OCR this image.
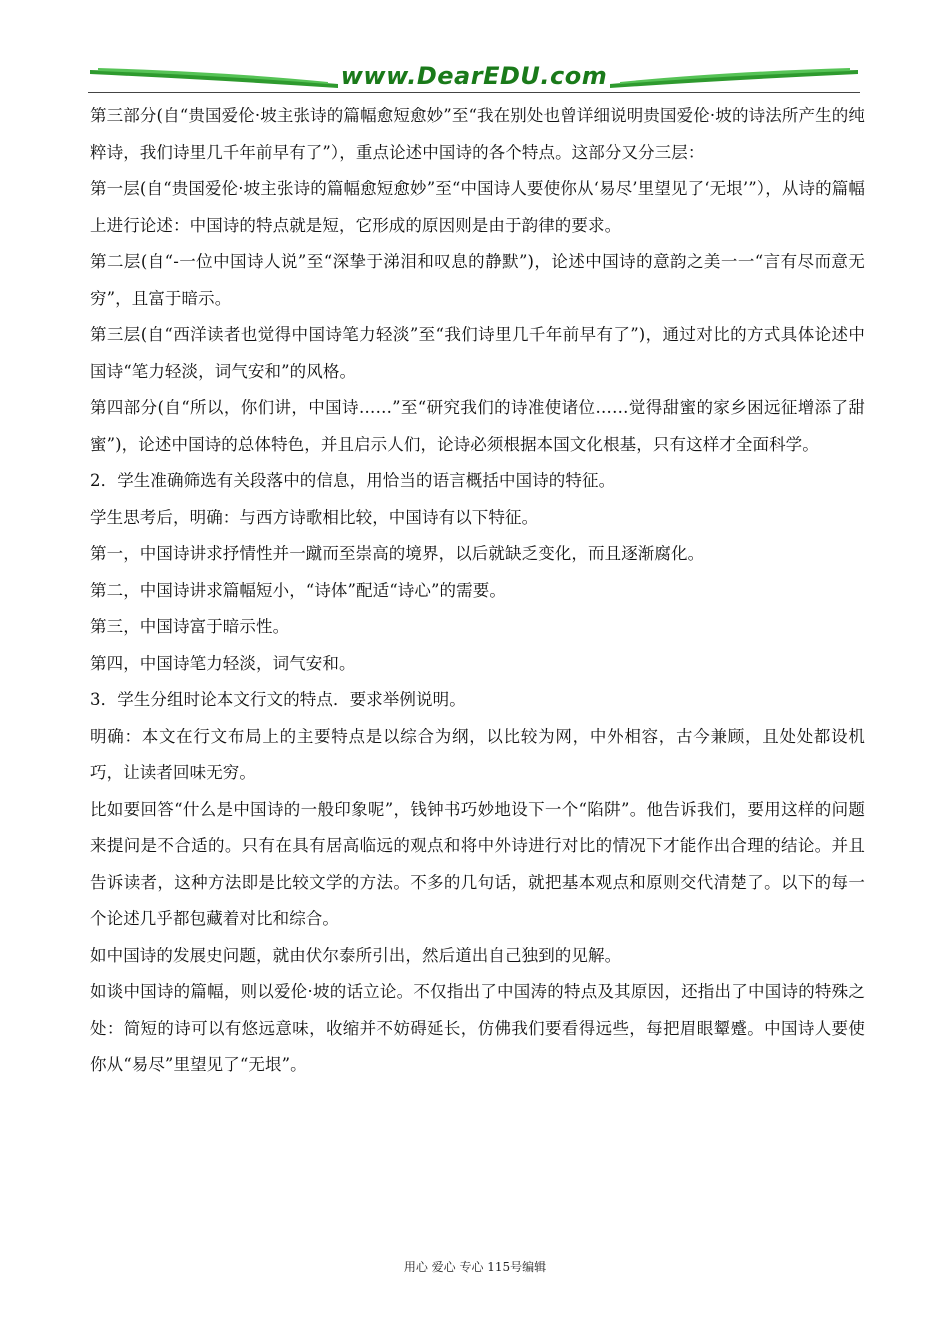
www.DearEDU.com

第三部分(自“贵国爱伦·坡主张诗的篇幅愈短愈妙”至“我在别处也曾详细说明贵国爱伦·坡的诗法所产生的纯粹诗，我们诗里几千年前早有了”），重点论述中国诗的各个特点。这部分又分三层：

第一层(自“贵国爱伦·坡主张诗的篇幅愈短愈妙”至“中国诗人要使你从‘易尽’里望见了‘无垠’”），从诗的篇幅上进行论述：中国诗的特点就是短，它形成的原因则是由于韵律的要求。

第二层(自“-一位中国诗人说”至“深挚于涕泪和叹息的静默”)，论述中国诗的意韵之美一一“言有尽而意无穷”，且富于暗示。

第三层(自“西洋读者也觉得中国诗笔力轻淡”至“我们诗里几千年前早有了”)，通过对比的方式具体论述中国诗“笔力轻淡，词气安和”的风格。

第四部分(自“所以，你们讲，中国诗……”至“研究我们的诗准使诸位……觉得甜蜜的家乡困远征增添了甜蜜”)，论述中国诗的总体特色，并且启示人们，论诗必须根据本国文化根基，只有这样才全面科学。

2．学生准确筛选有关段落中的信息，用恰当的语言概括中国诗的特征。

学生思考后，明确：与西方诗歌相比较，中国诗有以下特征。

第一，中国诗讲求抒情性并一蹴而至崇高的境界，以后就缺乏变化，而且逐渐腐化。

第二，中国诗讲求篇幅短小，“诗体”配适“诗心”的需要。

第三，中国诗富于暗示性。

第四，中国诗笔力轻淡，词气安和。

3．学生分组时论本文行文的特点．要求举例说明。

明确：本文在行文布局上的主要特点是以综合为纲，以比较为网，中外相容，古今兼顾，且处处都设机巧，让读者回味无穷。

比如要回答“什么是中国诗的一般印象呢”，钱钟书巧妙地设下一个“陷阱”。他告诉我们，要用这样的问题来提问是不合适的。只有在具有居高临远的观点和将中外诗进行对比的情况下才能作出合理的结论。并且告诉读者，这种方法即是比较文学的方法。不多的几句话，就把基本观点和原则交代清楚了。以下的每一个论述几乎都包藏着对比和综合。

如中国诗的发展史问题，就由伏尔泰所引出，然后道出自己独到的见解。

如谈中国诗的篇幅，则以爱伦·坡的话立论。不仅指出了中国涛的特点及其原因，还指出了中国诗的特殊之处：简短的诗可以有悠远意味，收缩并不妨碍延长，仿佛我们要看得远些，每把眉眼颦蹙。中国诗人要使你从“易尽”里望见了“无垠”。

用心 爱心 专心 115号编辑
